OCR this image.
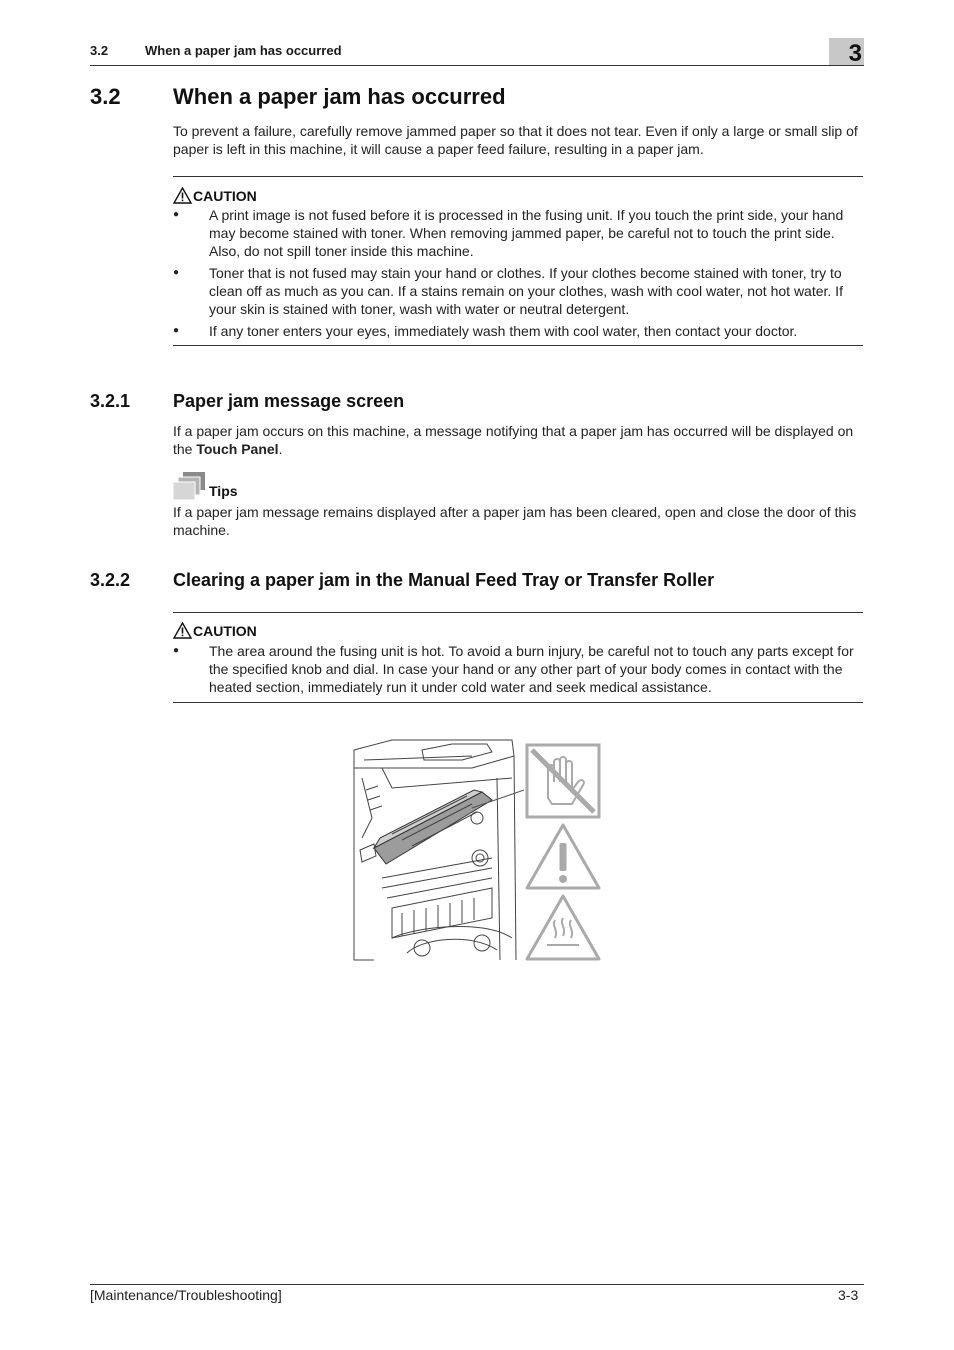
3.2	When a paper jam has occurred	3
3.2 When a paper jam has occurred
To prevent a failure, carefully remove jammed paper so that it does not tear. Even if only a large or small slip of paper is left in this machine, it will cause a paper feed failure, resulting in a paper jam.
CAUTION
● A print image is not fused before it is processed in the fusing unit. If you touch the print side, your hand may become stained with toner. When removing jammed paper, be careful not to touch the print side. Also, do not spill toner inside this machine.
● Toner that is not fused may stain your hand or clothes. If your clothes become stained with toner, try to clean off as much as you can. If a stains remain on your clothes, wash with cool water, not hot water. If your skin is stained with toner, wash with water or neutral detergent.
● If any toner enters your eyes, immediately wash them with cool water, then contact your doctor.
3.2.1 Paper jam message screen
If a paper jam occurs on this machine, a message notifying that a paper jam has occurred will be displayed on the Touch Panel.
Tips
If a paper jam message remains displayed after a paper jam has been cleared, open and close the door of this machine.
3.2.2 Clearing a paper jam in the Manual Feed Tray or Transfer Roller
CAUTION
● The area around the fusing unit is hot. To avoid a burn injury, be careful not to touch any parts except for the specified knob and dial. In case your hand or any other part of your body comes in contact with the heated section, immediately run it under cold water and seek medical assistance.
[Maintenance/Troubleshooting]	3-3
